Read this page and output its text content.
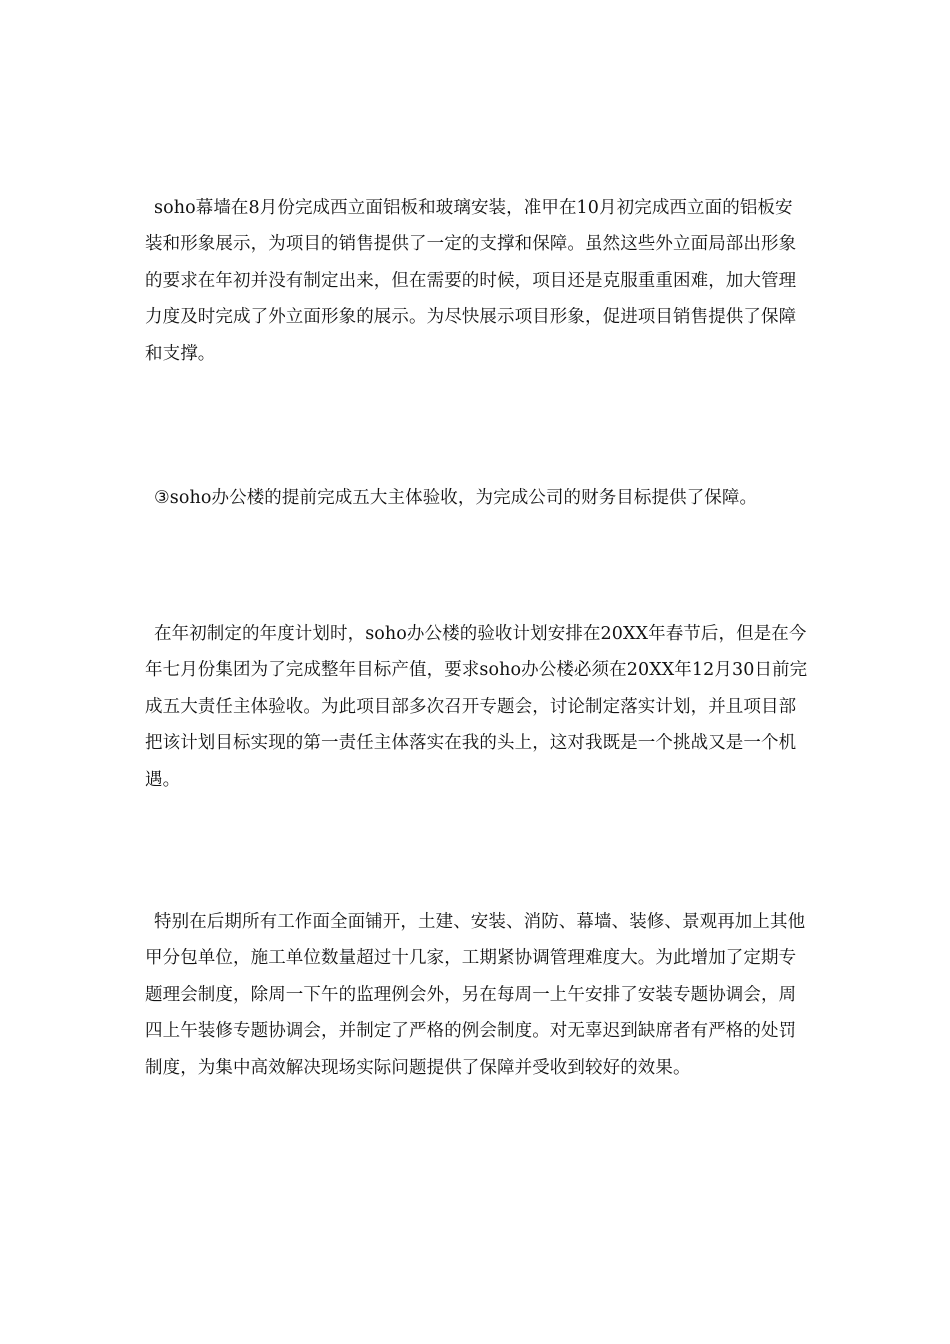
soho幕墙在8月份完成西立面铝板和玻璃安装，准甲在10月初完成西立面的铝板安装和形象展示，为项目的销售提供了一定的支撑和保障。虽然这些外立面局部出形象的要求在年初并没有制定出来，但在需要的时候，项目还是克服重重困难，加大管理力度及时完成了外立面形象的展示。为尽快展示项目形象，促进项目销售提供了保障和支撑。

③soho办公楼的提前完成五大主体验收，为完成公司的财务目标提供了保障。

在年初制定的年度计划时，soho办公楼的验收计划安排在20XX年春节后，但是在今年七月份集团为了完成整年目标产值，要求soho办公楼必须在20XX年12月30日前完成五大责任主体验收。为此项目部多次召开专题会，讨论制定落实计划，并且项目部把该计划目标实现的第一责任主体落实在我的头上，这对我既是一个挑战又是一个机遇。

特别在后期所有工作面全面铺开，土建、安装、消防、幕墙、装修、景观再加上其他甲分包单位，施工单位数量超过十几家，工期紧协调管理难度大。为此增加了定期专题理会制度，除周一下午的监理例会外，另在每周一上午安排了安装专题协调会，周四上午装修专题协调会，并制定了严格的例会制度。对无辜迟到缺席者有严格的处罚制度，为集中高效解决现场实际问题提供了保障并受收到较好的效果。
